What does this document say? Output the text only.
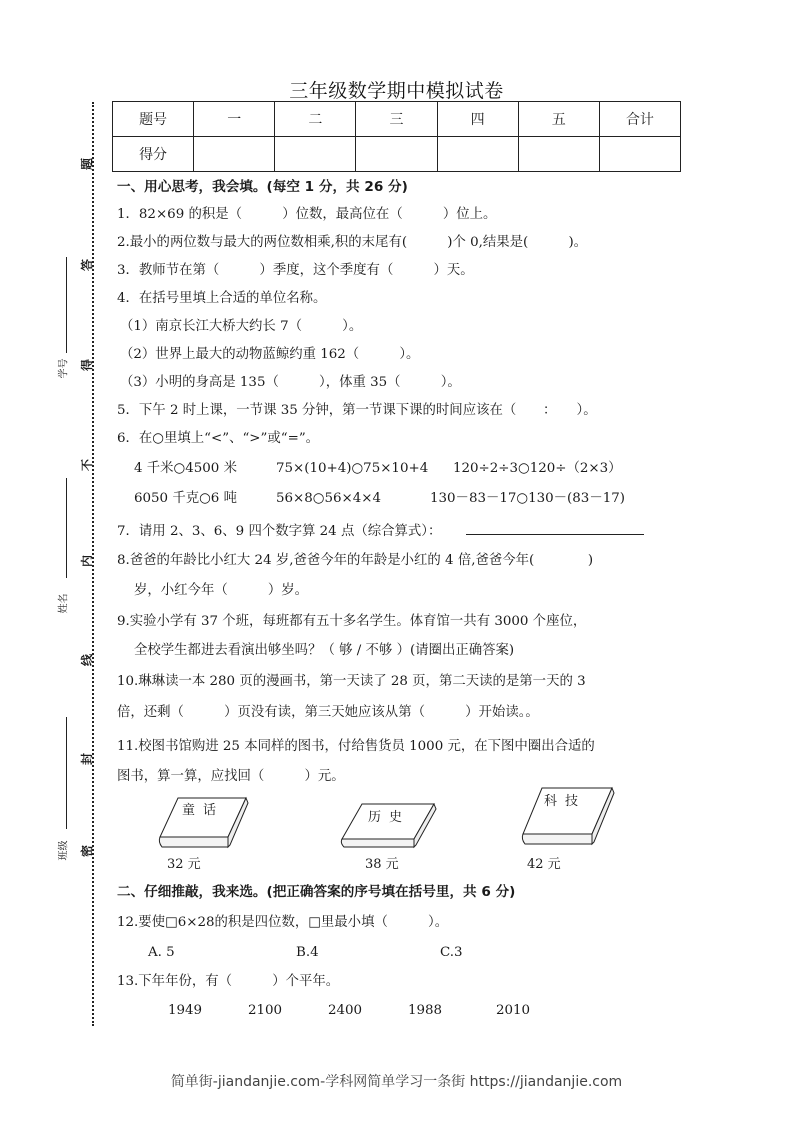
三年级数学期中模拟试卷
题号	一	二	三	四	五	合计
得分						
题
答
得
不
内
线
封
密
学号
姓名
班级
一、用心思考，我会填。(每空 1 分，共 26 分)
1．82×69 的积是（　　　）位数，最高位在（　　　）位上。
2.最小的两位数与最大的两位数相乘,积的末尾有(　　　)个 0,结果是(　　　)。
3．教师节在第（　　　）季度，这个季度有（　　　）天。
4．在括号里填上合适的单位名称。
（1）南京长江大桥大约长 7（　　　）。
（2）世界上最大的动物蓝鲸约重 162（　　　）。
（3）小明的身高是 135（　　　），体重 35（　　　）。
5．下午 2 时上课，一节课 35 分钟，第一节课下课的时间应该在（　　：　　）。
6．在○里填上“<”、“>”或“=”。
4 千米○4500 米	75×(10+4)○75×10+4 120÷2÷3○120÷（2×3）
6050 千克○6 吨	56×8○56×4×4	130－83－17○130－(83－17)
7．请用 2、3、6、9 四个数字算 24 点（综合算式）：
8.爸爸的年龄比小红大 24 岁,爸爸今年的年龄是小红的 4 倍,爸爸今年(　　　　)
岁，小红今年（　　　）岁。
9.实验小学有 37 个班，每班都有五十多名学生。体育馆一共有 3000 个座位，
全校学生都进去看演出够坐吗？（ 够 / 不够 ）(请圈出正确答案)
10.琳琳读一本 280 页的漫画书，第一天读了 28 页，第二天读的是第一天的 3
倍，还剩（　　　）页没有读，第三天她应该从第（　　　）开始读。。
11.校图书馆购进 25 本同样的图书，付给售货员 1000 元，在下图中圈出合适的
图书，算一算，应找回（　　　）元。
童话
32 元
历史
38 元
科技
42 元
二、仔细推敲，我来选。(把正确答案的序号填在括号里，共 6 分)
12.要使□6×28的积是四位数，□里最小填（　　　）。
A. 5	B.4	C.3
13.下年年份，有（　　　）个平年。
1949	2100	2400	1988	2010
简单街-jiandanjie.com-学科网简单学习一条街 https://jiandanjie.com
